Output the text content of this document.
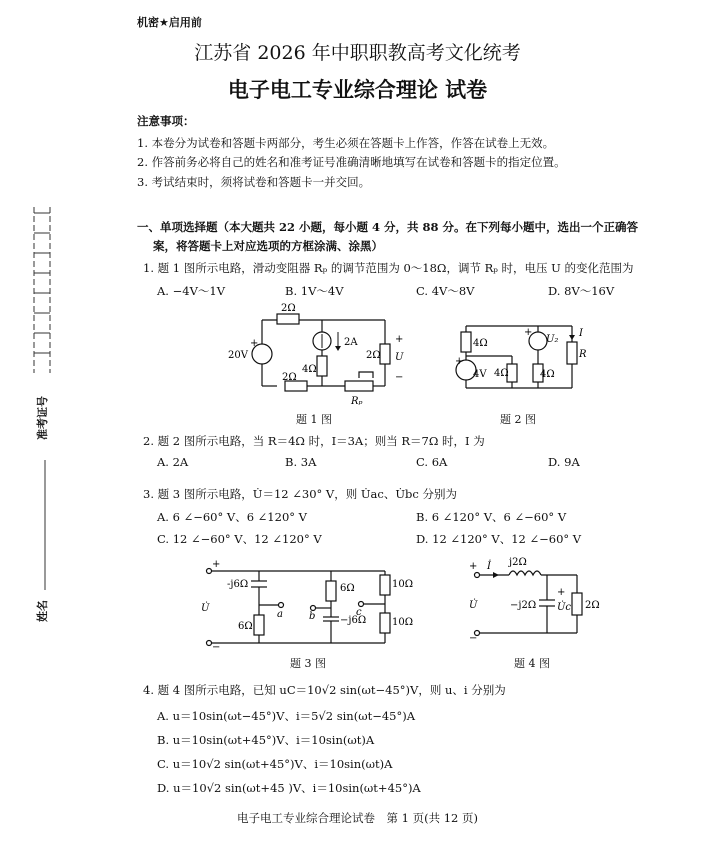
机密★启用前
江苏省 2026 年中职职教高考文化统考
电子电工专业综合理论 试卷
注意事项：
1. 本卷分为试卷和答题卡两部分，考生必须在答题卡上作答，作答在试卷上无效。
2. 作答前务必将自己的姓名和准考证号准确清晰地填写在试卷和答题卡的指定位置。
3. 考试结束时，须将试卷和答题卡一并交回。
准考证号
姓名
一、单项选择题（本大题共 22 小题，每小题 4 分，共 88 分。在下列每小题中，选出一个正确答
案，将答题卡上对应选项的方框涂满、涂黑）
1. 题 1 图所示电路，滑动变阻器 Rₚ 的调节范围为 0～18Ω，调节 Rₚ 时，电压 U 的变化范围为
A. −4V～1V	B. 1V～4V	C. 4V～8V	D. 8V～16V
2Ω
20V
+	2A
4Ω
2Ω
Rₚ
2Ω
+
U
−
题 1 图
4Ω
+
4V 4Ω
+
U₂
4Ω
I
R
题 2 图
2. 题 2 图所示电路，当 R＝4Ω 时，I＝3A；则当 R＝7Ω 时，I 为
A. 2A	B. 3A	C. 6A	D. 9A
3. 题 3 图所示电路，U̇＝12 ∠30° V，则 U̇ac、U̇bc 分别为
A. 6 ∠−60° V、6 ∠120° V	B. 6 ∠120° V、6 ∠−60° V
C. 12 ∠−60° V、12 ∠120° V	D. 12 ∠120° V、12 ∠−60° V
+
-j6Ω
U̇
6Ω
a
−
6Ω
b −j6Ω
c
10Ω
10Ω
题 3 图
+ İ j2Ω
U̇	−j2Ω
+
U̇c 2Ω
−
题 4 图
4. 题 4 图所示电路，已知 uC＝10√2 sin(ωt−45°)V，则 u、i 分别为
A. u＝10sin(ωt−45°)V、i＝5√2 sin(ωt−45°)A
B. u＝10sin(ωt+45°)V、i＝10sin(ωt)A
C. u＝10√2 sin(ωt+45°)V、i＝10sin(ωt)A
D. u＝10√2 sin(ωt+45 )V、i＝10sin(ωt+45°)A
电子电工专业综合理论试卷　第 1 页(共 12 页)
